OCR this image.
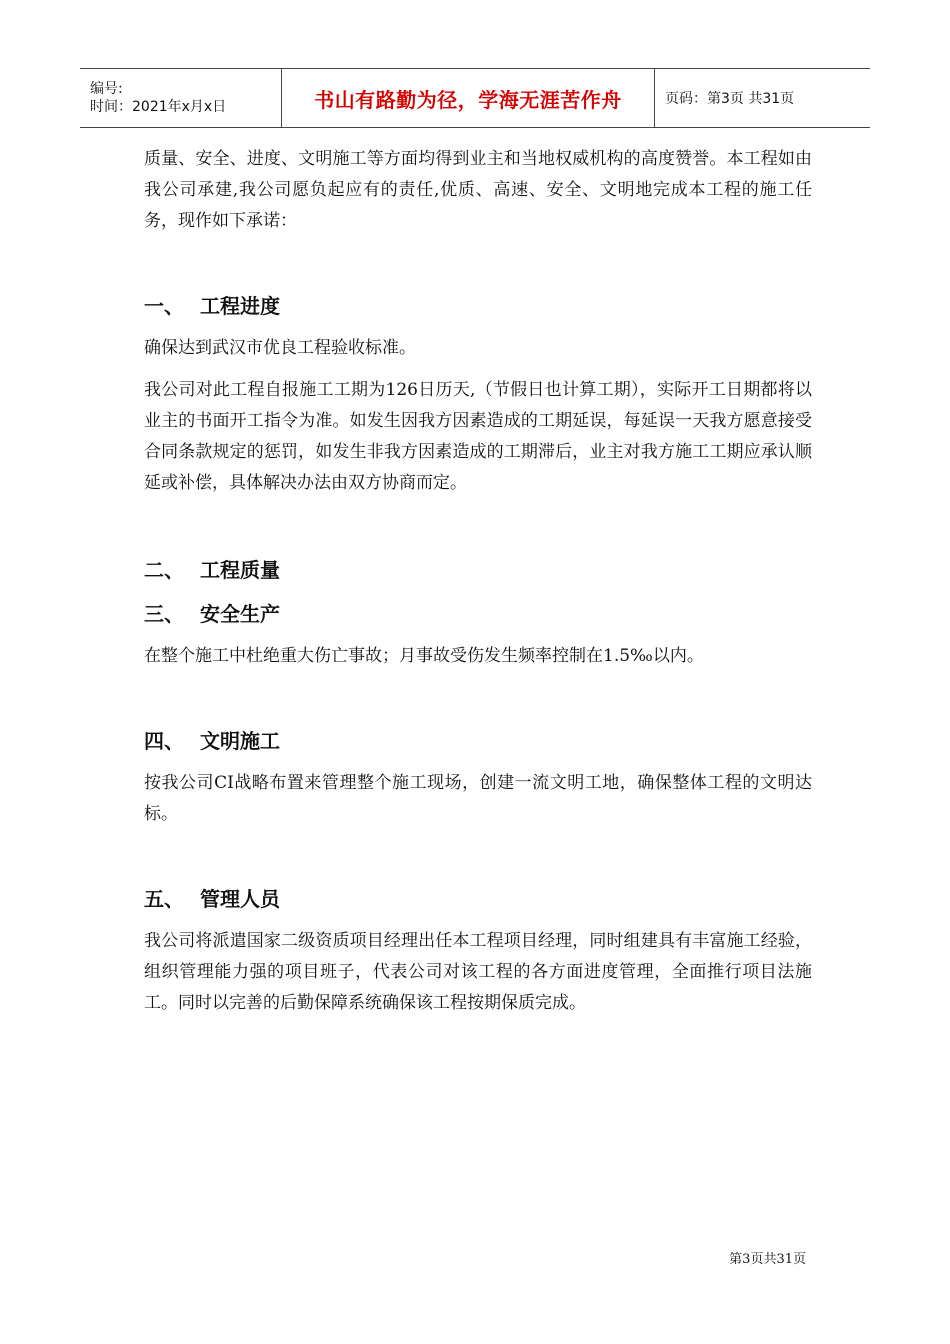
编号:
时间：2021年x月x日	书山有路勤为径，学海无涯苦作舟	页码：第3页 共31页

质量、安全、进度、文明施工等方面均得到业主和当地权威机构的高度赞誉。本工程如由我公司承建,我公司愿负起应有的责任,优质、高速、安全、文明地完成本工程的施工任务，现作如下承诺：

一、 工程进度

确保达到武汉市优良工程验收标准。

我公司对此工程自报施工工期为126日历天,（节假日也计算工期），实际开工日期都将以业主的书面开工指令为准。如发生因我方因素造成的工期延误，每延误一天我方愿意接受合同条款规定的惩罚，如发生非我方因素造成的工期滞后，业主对我方施工工期应承认顺延或补偿，具体解决办法由双方协商而定。

二、 工程质量
三、 安全生产

在整个施工中杜绝重大伤亡事故；月事故受伤发生频率控制在1.5‰以内。

四、 文明施工

按我公司CI战略布置来管理整个施工现场，创建一流文明工地，确保整体工程的文明达标。

五、 管理人员

我公司将派遣国家二级资质项目经理出任本工程项目经理，同时组建具有丰富施工经验，组织管理能力强的项目班子，代表公司对该工程的各方面进度管理，全面推行项目法施工。同时以完善的后勤保障系统确保该工程按期保质完成。

第3页共31页
